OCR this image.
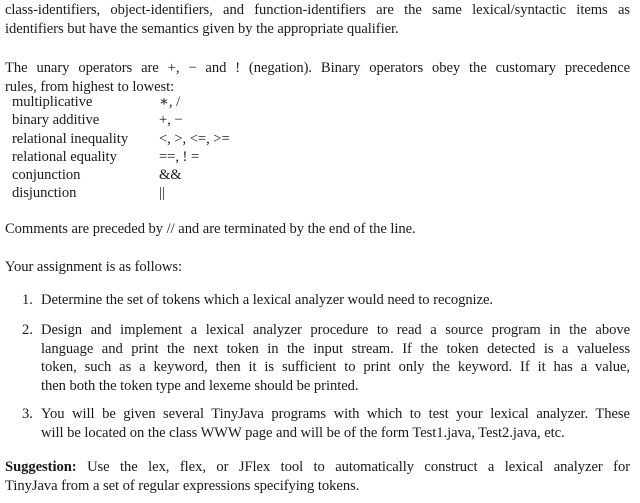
class-identifiers, object-identifiers, and function-identifiers are the same lexical/syntactic items as
identifiers but have the semantics given by the appropriate qualifier.
The unary operators are +, − and ! (negation). Binary operators obey the customary precedence
rules, from highest to lowest:
multiplicative	∗, /
binary additive	+, −
relational inequality	<, >, <=, >=
relational equality	==, ! =
conjunction	&&
disjunction	||

Comments are preceded by // and are terminated by the end of the line.

Your assignment is as follows:

1. Determine the set of tokens which a lexical analyzer would need to recognize.
2. Design and implement a lexical analyzer procedure to read a source program in the above
language and print the next token in the input stream. If the token detected is a valueless
token, such as a keyword, then it is sufficient to print only the keyword. If it has a value,
then both the token type and lexeme should be printed.
3. You will be given several TinyJava programs with which to test your lexical analyzer. These
will be located on the class WWW page and will be of the form Test1.java, Test2.java, etc.
Suggestion: Use the lex, flex, or JFlex tool to automatically construct a lexical analyzer for
TinyJava from a set of regular expressions specifying tokens.
